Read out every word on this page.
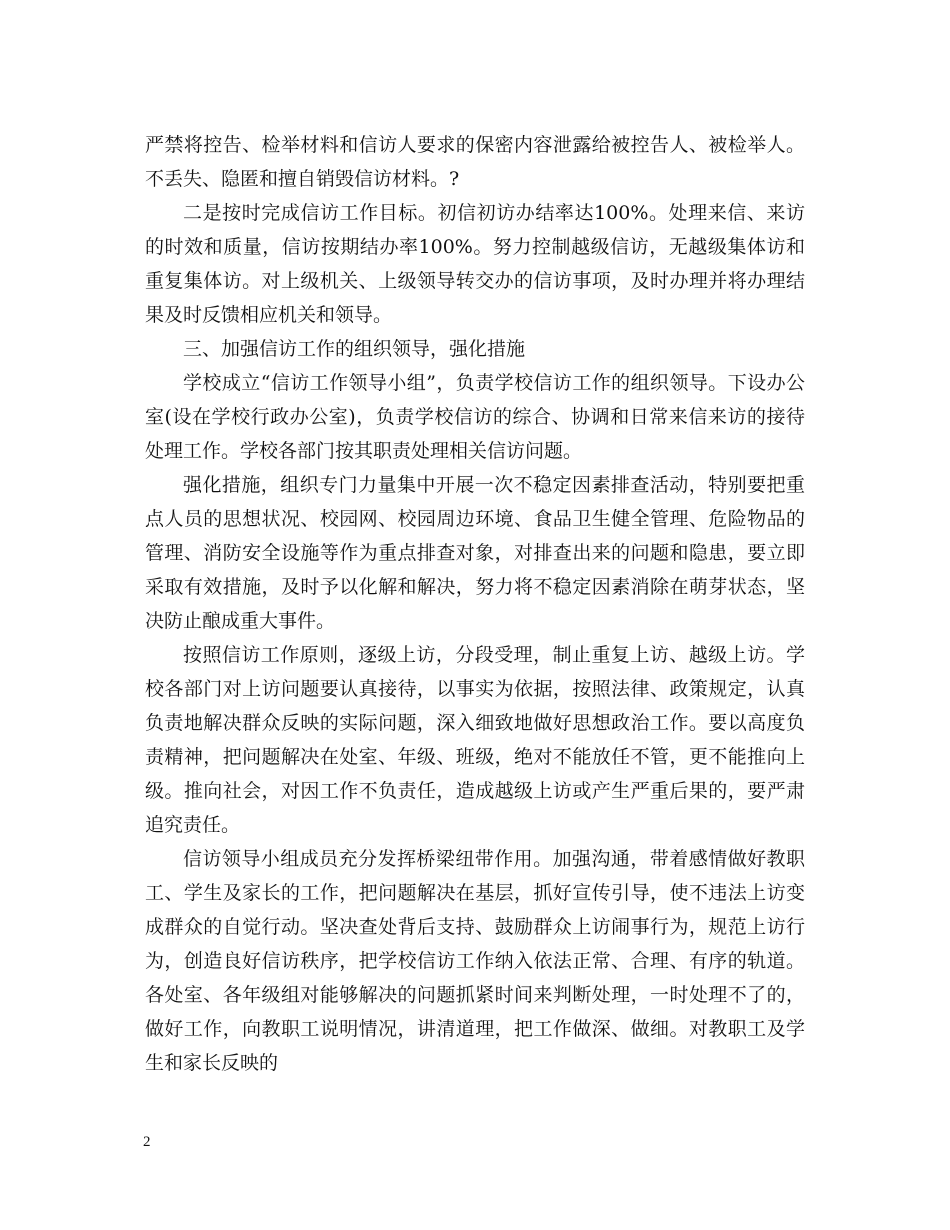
严禁将控告、检举材料和信访人要求的保密内容泄露给被控告人、被检举人。不丢失、隐匿和擅自销毁信访材料。?

二是按时完成信访工作目标。初信初访办结率达100%。处理来信、来访的时效和质量，信访按期结办率100%。努力控制越级信访，无越级集体访和重复集体访。对上级机关、上级领导转交办的信访事项，及时办理并将办理结果及时反馈相应机关和领导。

三、加强信访工作的组织领导，强化措施

学校成立“信访工作领导小组”，负责学校信访工作的组织领导。下设办公室(设在学校行政办公室)，负责学校信访的综合、协调和日常来信来访的接待处理工作。学校各部门按其职责处理相关信访问题。

强化措施，组织专门力量集中开展一次不稳定因素排查活动，特别要把重点人员的思想状况、校园网、校园周边环境、食品卫生健全管理、危险物品的管理、消防安全设施等作为重点排查对象，对排查出来的问题和隐患，要立即采取有效措施，及时予以化解和解决，努力将不稳定因素消除在萌芽状态，坚决防止酿成重大事件。

按照信访工作原则，逐级上访，分段受理，制止重复上访、越级上访。学校各部门对上访问题要认真接待，以事实为依据，按照法律、政策规定，认真负责地解决群众反映的实际问题，深入细致地做好思想政治工作。要以高度负责精神，把问题解决在处室、年级、班级，绝对不能放任不管，更不能推向上级。推向社会，对因工作不负责任，造成越级上访或产生严重后果的，要严肃追究责任。

信访领导小组成员充分发挥桥梁纽带作用。加强沟通，带着感情做好教职工、学生及家长的工作，把问题解决在基层，抓好宣传引导，使不违法上访变成群众的自觉行动。坚决查处背后支持、鼓励群众上访闹事行为，规范上访行为，创造良好信访秩序，把学校信访工作纳入依法正常、合理、有序的轨道。 各处室、各年级组对能够解决的问题抓紧时间来判断处理，一时处理不了的，做好工作，向教职工说明情况，讲清道理，把工作做深、做细。对教职工及学生和家长反映的

2
